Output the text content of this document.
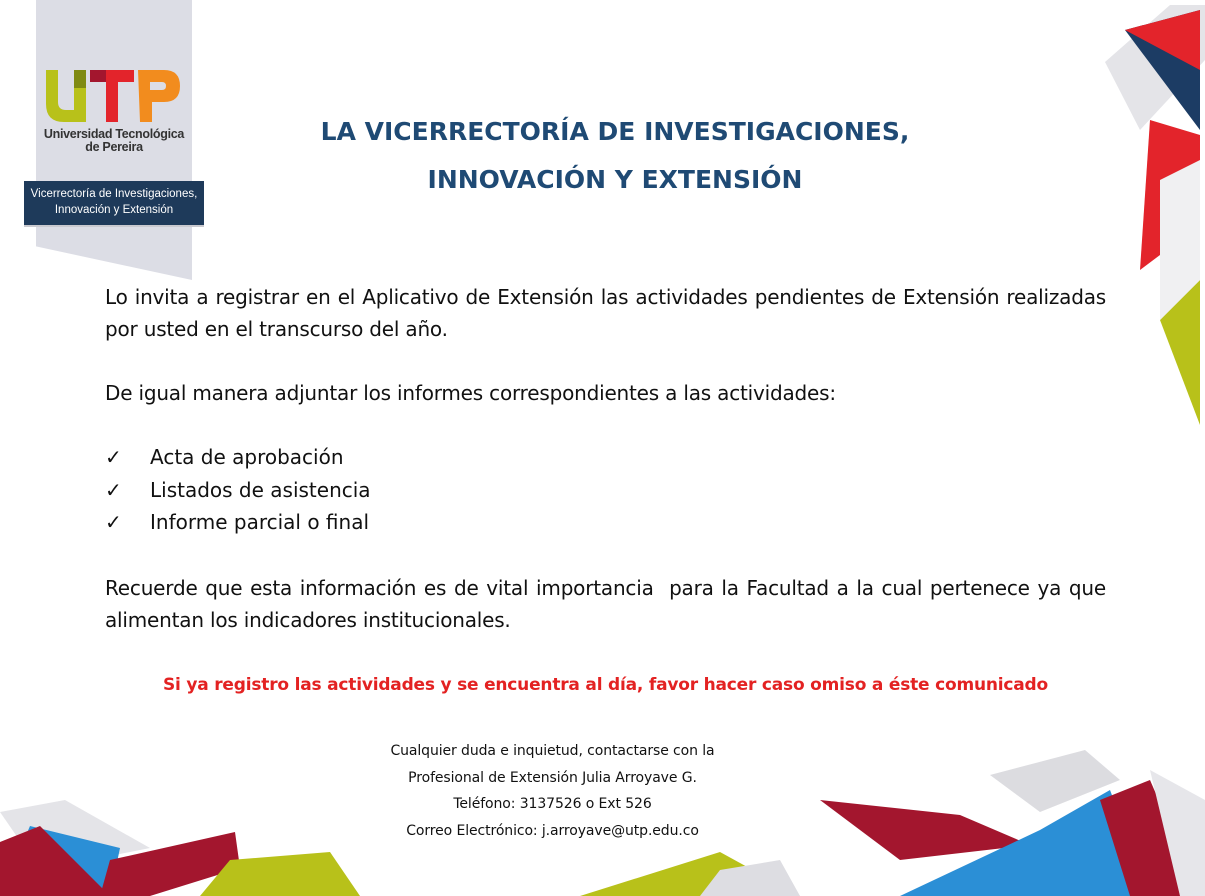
UTP
Universidad Tecnológica
de Pereira
Vicerrectoría de Investigaciones,
Innovación y Extensión
LA VICERRECTORÍA DE INVESTIGACIONES,
INNOVACIÓN Y EXTENSIÓN
Lo invita a registrar en el Aplicativo de Extensión las actividades pendientes de Extensión realizadas por usted en el transcurso del año.
De igual manera adjuntar los informes correspondientes a las actividades:
✓	Acta de aprobación
✓	Listados de asistencia
✓	Informe parcial o final
Recuerde que esta información es de vital importancia  para la Facultad a la cual pertenece ya que alimentan los indicadores institucionales.
Si ya registro las actividades y se encuentra al día, favor hacer caso omiso a éste comunicado
Cualquier duda e inquietud, contactarse con la
Profesional de Extensión Julia Arroyave G.
Teléfono: 3137526 o Ext 526
Correo Electrónico: j.arroyave@utp.edu.co
